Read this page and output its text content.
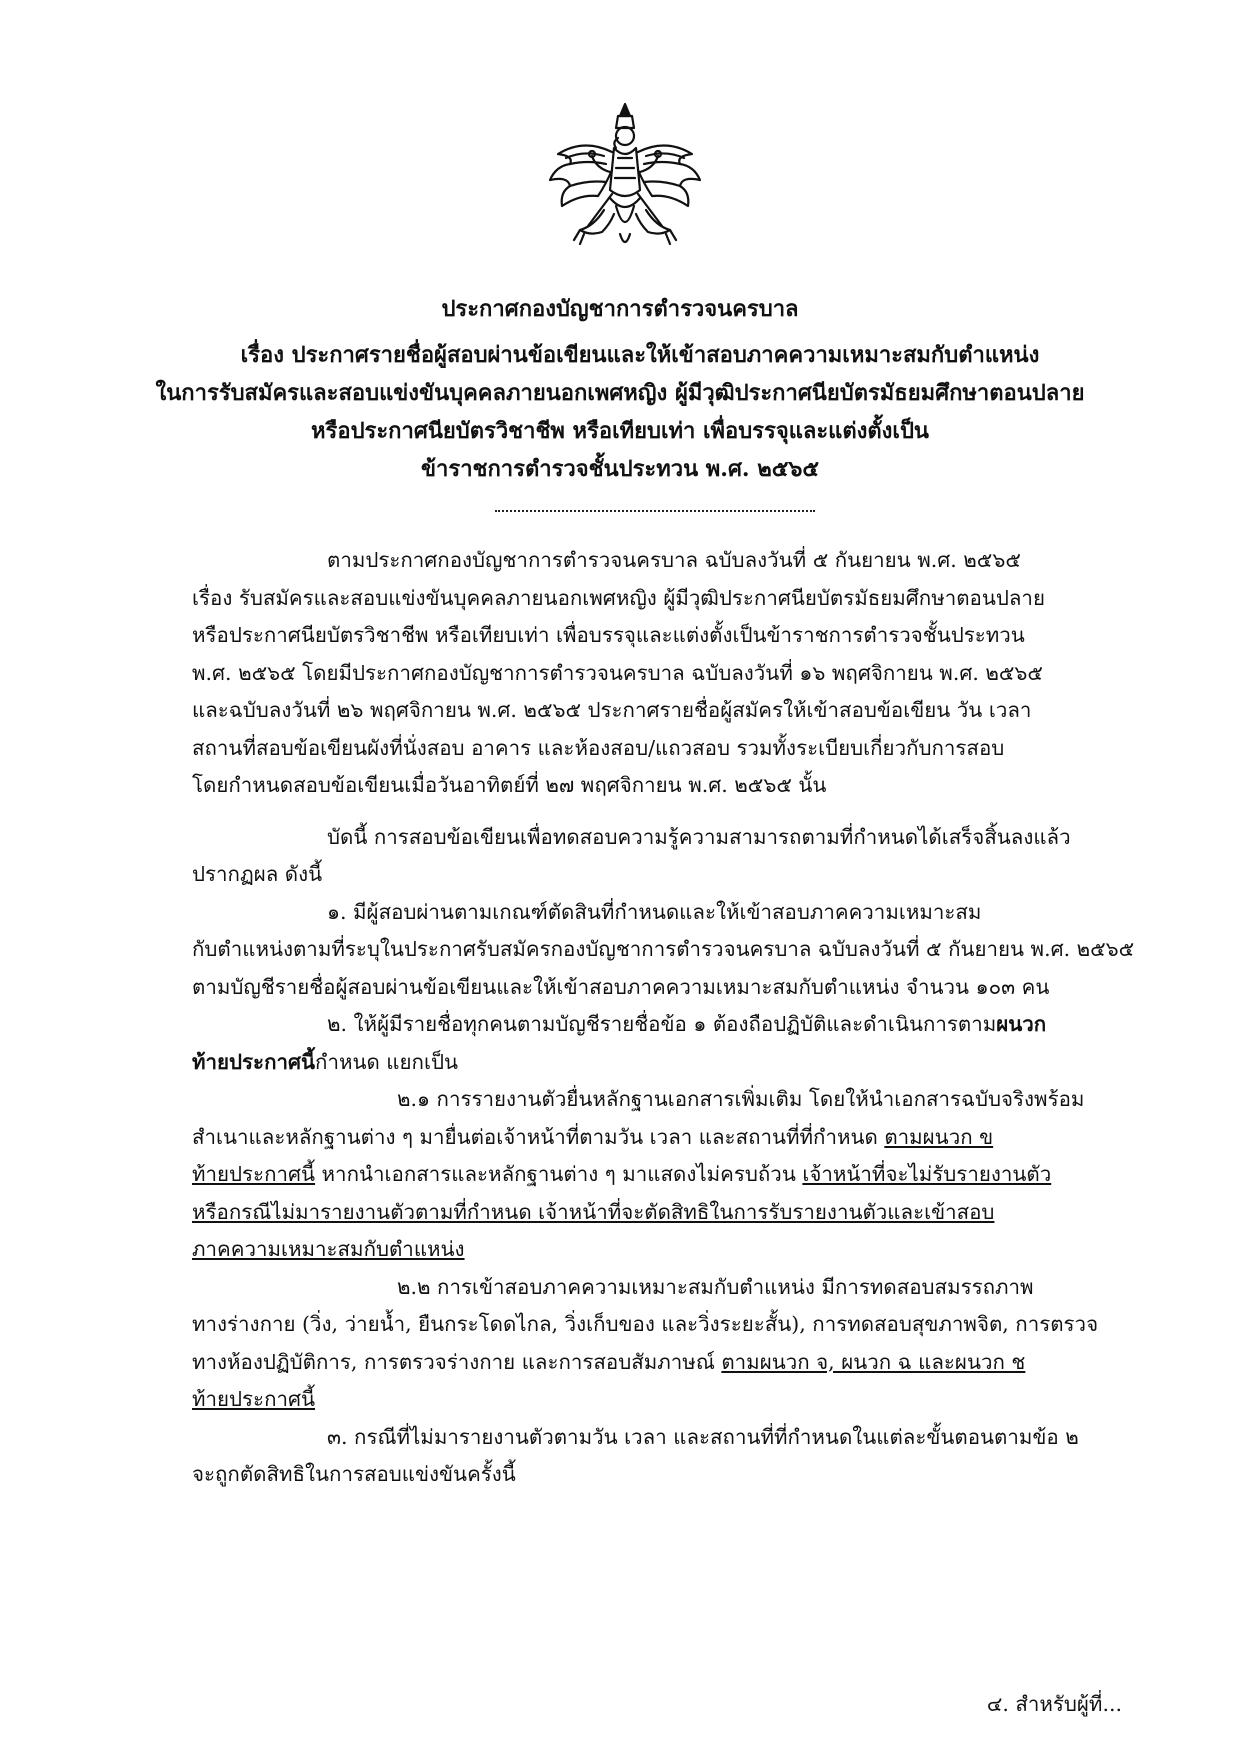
ประกาศกองบัญชาการตำรวจนครบาล
เรื่อง ประกาศรายชื่อผู้สอบผ่านข้อเขียนและให้เข้าสอบภาคความเหมาะสมกับตำแหน่ง
ในการรับสมัครและสอบแข่งขันบุคคลภายนอกเพศหญิง ผู้มีวุฒิประกาศนียบัตรมัธยมศึกษาตอนปลาย
หรือประกาศนียบัตรวิชาชีพ หรือเทียบเท่า เพื่อบรรจุและแต่งตั้งเป็น
ข้าราชการตำรวจชั้นประทวน พ.ศ. ๒๕๖๕
ตามประกาศกองบัญชาการตำรวจนครบาล ฉบับลงวันที่ ๕ กันยายน พ.ศ. ๒๕๖๕
เรื่อง รับสมัครและสอบแข่งขันบุคคลภายนอกเพศหญิง ผู้มีวุฒิประกาศนียบัตรมัธยมศึกษาตอนปลาย
หรือประกาศนียบัตรวิชาชีพ หรือเทียบเท่า เพื่อบรรจุและแต่งตั้งเป็นข้าราชการตำรวจชั้นประทวน
พ.ศ. ๒๕๖๕ โดยมีประกาศกองบัญชาการตำรวจนครบาล ฉบับลงวันที่ ๑๖ พฤศจิกายน พ.ศ. ๒๕๖๕
และฉบับลงวันที่ ๒๖ พฤศจิกายน พ.ศ. ๒๕๖๕ ประกาศรายชื่อผู้สมัครให้เข้าสอบข้อเขียน วัน เวลา
สถานที่สอบข้อเขียนผังที่นั่งสอบ อาคาร และห้องสอบ/แถวสอบ รวมทั้งระเบียบเกี่ยวกับการสอบ
โดยกำหนดสอบข้อเขียนเมื่อวันอาทิตย์ที่ ๒๗ พฤศจิกายน พ.ศ. ๒๕๖๕ นั้น
บัดนี้ การสอบข้อเขียนเพื่อทดสอบความรู้ความสามารถตามที่กำหนดได้เสร็จสิ้นลงแล้ว
ปรากฏผล ดังนี้
๑. มีผู้สอบผ่านตามเกณฑ์ตัดสินที่กำหนดและให้เข้าสอบภาคความเหมาะสม
กับตำแหน่งตามที่ระบุในประกาศรับสมัครกองบัญชาการตำรวจนครบาล ฉบับลงวันที่ ๕ กันยายน พ.ศ. ๒๕๖๕
ตามบัญชีรายชื่อผู้สอบผ่านข้อเขียนและให้เข้าสอบภาคความเหมาะสมกับตำแหน่ง จำนวน ๑๐๓ คน
๒. ให้ผู้มีรายชื่อทุกคนตามบัญชีรายชื่อข้อ ๑ ต้องถือปฏิบัติและดำเนินการตามผนวก
ท้ายประกาศนี้กำหนด แยกเป็น
๒.๑ การรายงานตัวยื่นหลักฐานเอกสารเพิ่มเติม โดยให้นำเอกสารฉบับจริงพร้อม
สำเนาและหลักฐานต่าง ๆ มายื่นต่อเจ้าหน้าที่ตามวัน เวลา และสถานที่ที่กำหนด ตามผนวก ข
ท้ายประกาศนี้ หากนำเอกสารและหลักฐานต่าง ๆ มาแสดงไม่ครบถ้วน เจ้าหน้าที่จะไม่รับรายงานตัว
หรือกรณีไม่มารายงานตัวตามที่กำหนด เจ้าหน้าที่จะตัดสิทธิในการรับรายงานตัวและเข้าสอบ
ภาคความเหมาะสมกับตำแหน่ง
๒.๒ การเข้าสอบภาคความเหมาะสมกับตำแหน่ง มีการทดสอบสมรรถภาพ
ทางร่างกาย (วิ่ง, ว่ายน้ำ, ยืนกระโดดไกล, วิ่งเก็บของ และวิ่งระยะสั้น), การทดสอบสุขภาพจิต, การตรวจ
ทางห้องปฏิบัติการ, การตรวจร่างกาย และการสอบสัมภาษณ์ ตามผนวก จ, ผนวก ฉ และผนวก ช
ท้ายประกาศนี้
๓. กรณีที่ไม่มารายงานตัวตามวัน เวลา และสถานที่ที่กำหนดในแต่ละขั้นตอนตามข้อ ๒
จะถูกตัดสิทธิในการสอบแข่งขันครั้งนี้
๔. สำหรับผู้ที่...
